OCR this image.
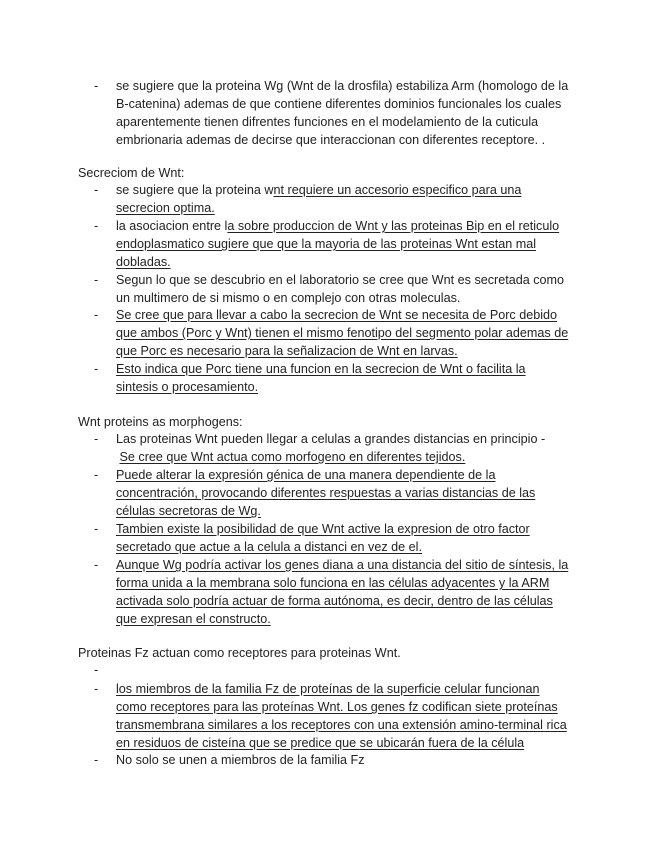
- se sugiere que la proteina Wg (Wnt de la drosfila) estabiliza Arm (homologo de la
B-catenina) ademas de que contiene diferentes dominios funcionales los cuales
aparentemente tienen difrentes funciones en el modelamiento de la cuticula
embrionaria ademas de decirse que interaccionan con diferentes receptore. .
Secreciom de Wnt:
- se sugiere que la proteina wnt requiere un accesorio especifico para una
secrecion optima.
- la asociacion entre la sobre produccion de Wnt y las proteinas Bip en el reticulo
endoplasmatico sugiere que que la mayoria de las proteinas Wnt estan mal
dobladas.
- Segun lo que se descubrio en el laboratorio se cree que Wnt es secretada como
un multimero de si mismo o en complejo con otras moleculas.
- Se cree que para llevar a cabo la secrecion de Wnt se necesita de Porc debido
que ambos (Porc y Wnt) tienen el mismo fenotipo del segmento polar ademas de
que Porc es necesario para la señalizacion de Wnt en larvas.
- Esto indica que Porc tiene una funcion en la secrecion de Wnt o facilita la
sintesis o procesamiento.
Wnt proteins as morphogens:
- Las proteinas Wnt pueden llegar a celulas a grandes distancias en principio -
Se cree que Wnt actua como morfogeno en diferentes tejidos.
- Puede alterar la expresión génica de una manera dependiente de la
concentración, provocando diferentes respuestas a varias distancias de las
células secretoras de Wg.
- Tambien existe la posibilidad de que Wnt active la expresion de otro factor
secretado que actue a la celula a distanci en vez de el.
- Aunque Wg podría activar los genes diana a una distancia del sitio de síntesis, la
forma unida a la membrana solo funciona en las células adyacentes y la ARM
activada solo podría actuar de forma autónoma, es decir, dentro de las células
que expresan el constructo.
Proteinas Fz actuan como receptores para proteinas Wnt.
-
- los miembros de la familia Fz de proteínas de la superficie celular funcionan
como receptores para las proteínas Wnt. Los genes fz codifican siete proteínas
transmembrana similares a los receptores con una extensión amino-terminal rica
en residuos de cisteína que se predice que se ubicarán fuera de la célula
- No solo se unen a miembros de la familia Fz
